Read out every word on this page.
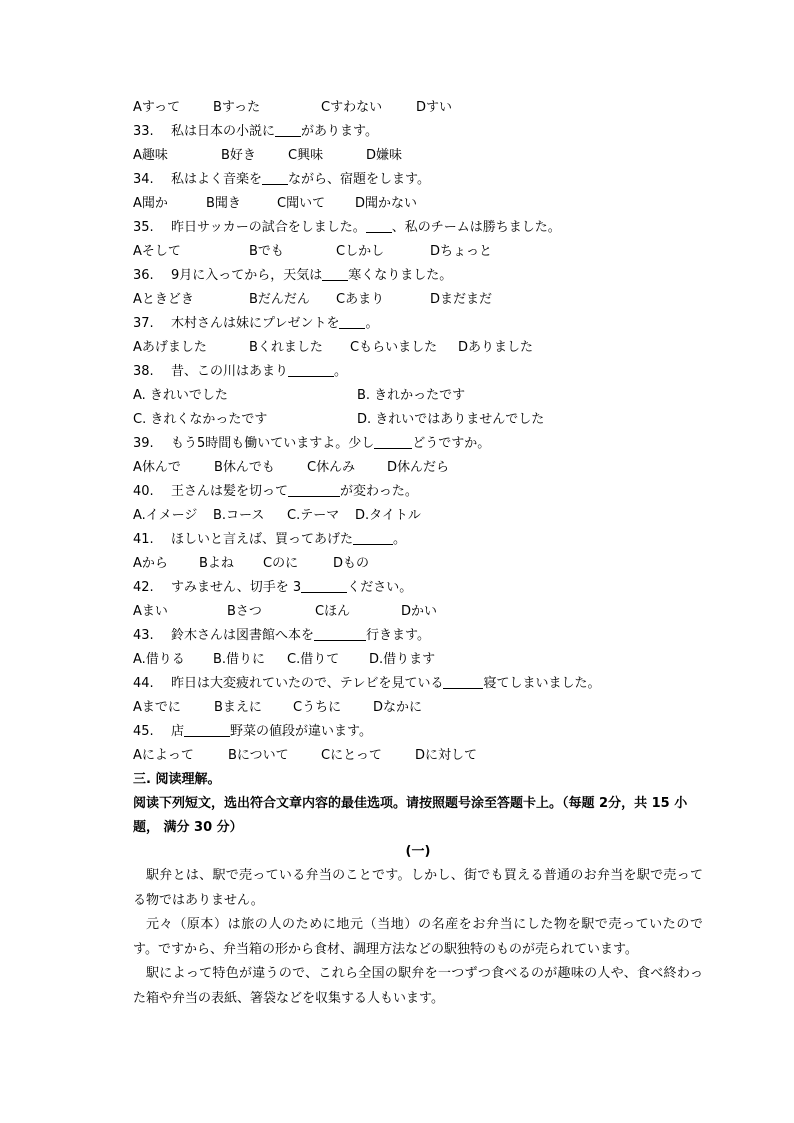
Aすって	Bすった	Cすわない	Dすい
33. 私は日本の小説に があります。
A趣味	B好き C興味	D嫌味
34. 私はよく音楽を ながら、宿題をします。
A聞か	B聞き	C聞いて D聞かない
35. 昨日サッカーの試合をしました。 、私のチームは勝ちました。
Aそして	Bでも	Cしかし	Dちょっと
36. 9月に入ってから，天気は 寒くなりました。
Aときどき	Bだんだん Cあまり	Dまだまだ
37. 木村さんは妹にプレゼントを 。
Aあげました	Bくれました Cもらいました Dありました
38. 昔、この川はあまり	。
A. きれいでした	B. きれかったです
C. きれくなかったです	D. きれいではありませんでした
39. もう5時間も働いていますよ。少し	どうですか。
A休んで	B休んでも C休んみ D休んだら
40. 王さんは髪を切って	が変わった。
A.イメージ B.コース C.テーマ D.タイトル
41. ほしいと言えば、買ってあげた	。
Aから Bよね Cのに	Dもの
42. すみません、切手を 3	ください。
Aまい	Bさつ	Cほん	Dかい
43. 鈴木さんは図書館へ本を	行きます。
A.借りる B.借りに C.借りて D.借ります
44. 昨日は大変疲れていたので、テレビを見ている	寝てしまいました。
Aまでに	Bまえに Cうちに Dなかに
45. 店	野菜の値段が違います。
Aによって	Bについて Cにとって	Dに対して
三. 阅读理解。
阅读下列短文，选出符合文章内容的最佳选项。请按照题号涂至答题卡上。（每题 2分，共 15 小题， 满分 30 分）
(一)
駅弁とは、駅で売っている弁当のことです。しかし、街でも買える普通のお弁当を駅で売ってる物ではありません。
元々（原本）は旅の人のために地元（当地）の名産をお弁当にした物を駅で売っていたのです。ですから、弁当箱の形から食材、調理方法などの駅独特のものが売られています。
駅によって特色が違うので、これら全国の駅弁を一つずつ食べるのが趣味の人や、食べ終わった箱や弁当の表紙、箸袋などを収集する人もいます。
